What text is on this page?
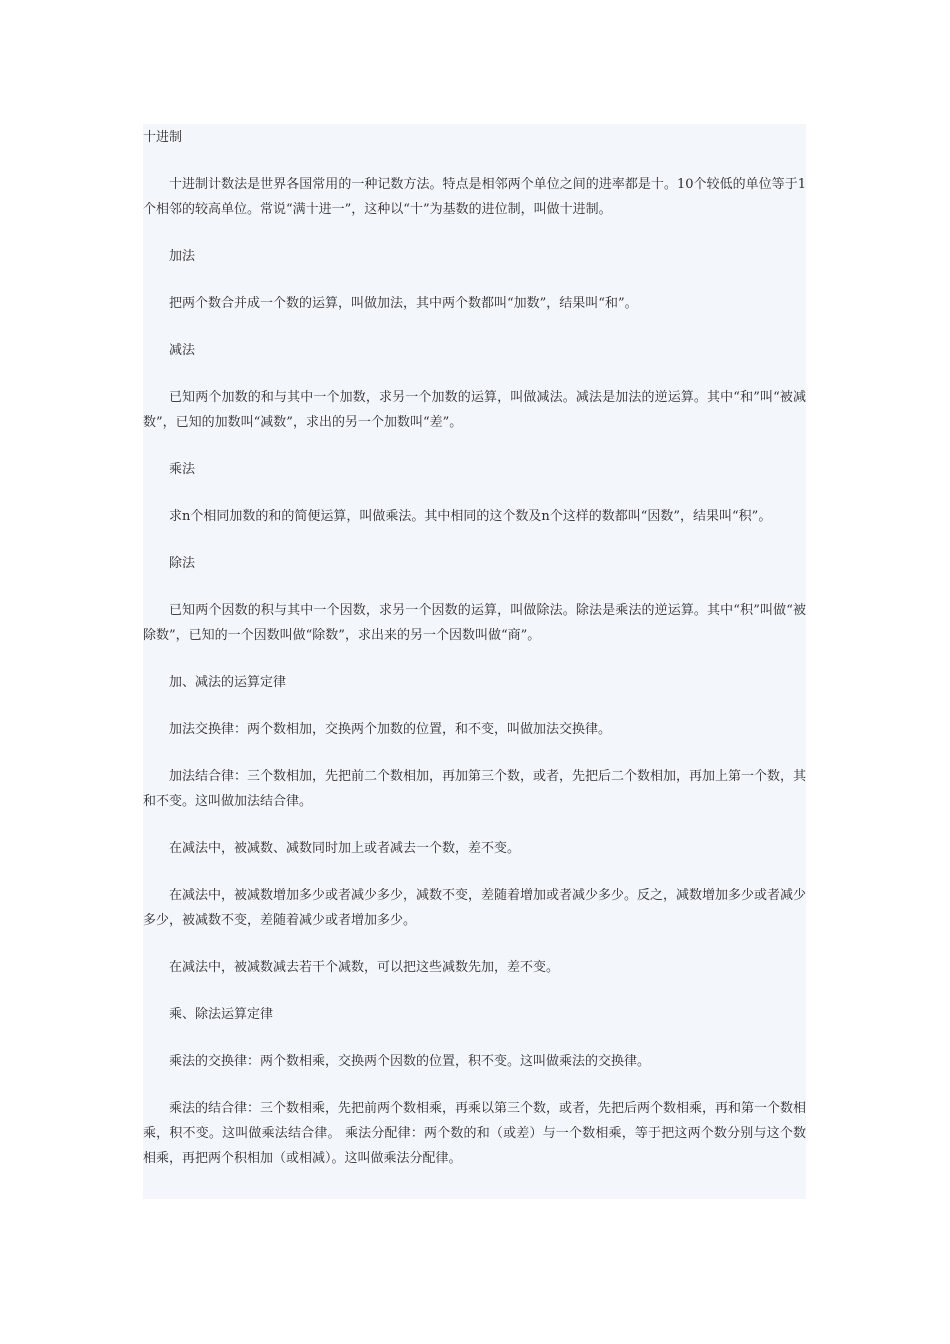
十进制

十进制计数法是世界各国常用的一种记数方法。特点是相邻两个单位之间的进率都是十。10个较低的单位等于1个相邻的较高单位。常说“满十进一”，这种以“十”为基数的进位制，叫做十进制。

加法

把两个数合并成一个数的运算，叫做加法，其中两个数都叫“加数”，结果叫“和”。

减法

已知两个加数的和与其中一个加数，求另一个加数的运算，叫做减法。减法是加法的逆运算。其中“和”叫“被减数”，已知的加数叫“减数”，求出的另一个加数叫“差”。

乘法

求n个相同加数的和的简便运算，叫做乘法。其中相同的这个数及n个这样的数都叫“因数”，结果叫“积”。

除法

已知两个因数的积与其中一个因数，求另一个因数的运算，叫做除法。除法是乘法的逆运算。其中“积”叫做“被除数”，已知的一个因数叫做“除数”，求出来的另一个因数叫做“商”。

加、减法的运算定律

加法交换律：两个数相加，交换两个加数的位置，和不变，叫做加法交换律。

加法结合律：三个数相加，先把前二个数相加，再加第三个数，或者，先把后二个数相加，再加上第一个数，其和不变。这叫做加法结合律。

在减法中，被减数、减数同时加上或者减去一个数，差不变。

在减法中，被减数增加多少或者减少多少，减数不变，差随着增加或者减少多少。反之，减数增加多少或者减少多少，被减数不变，差随着减少或者增加多少。

在减法中，被减数减去若干个减数，可以把这些减数先加，差不变。

乘、除法运算定律

乘法的交换律：两个数相乘，交换两个因数的位置，积不变。这叫做乘法的交换律。

乘法的结合律：三个数相乘，先把前两个数相乘，再乘以第三个数，或者，先把后两个数相乘，再和第一个数相乘，积不变。这叫做乘法结合律。 乘法分配律：两个数的和（或差）与一个数相乘，等于把这两个数分别与这个数相乘，再把两个积相加（或相减）。这叫做乘法分配律。
